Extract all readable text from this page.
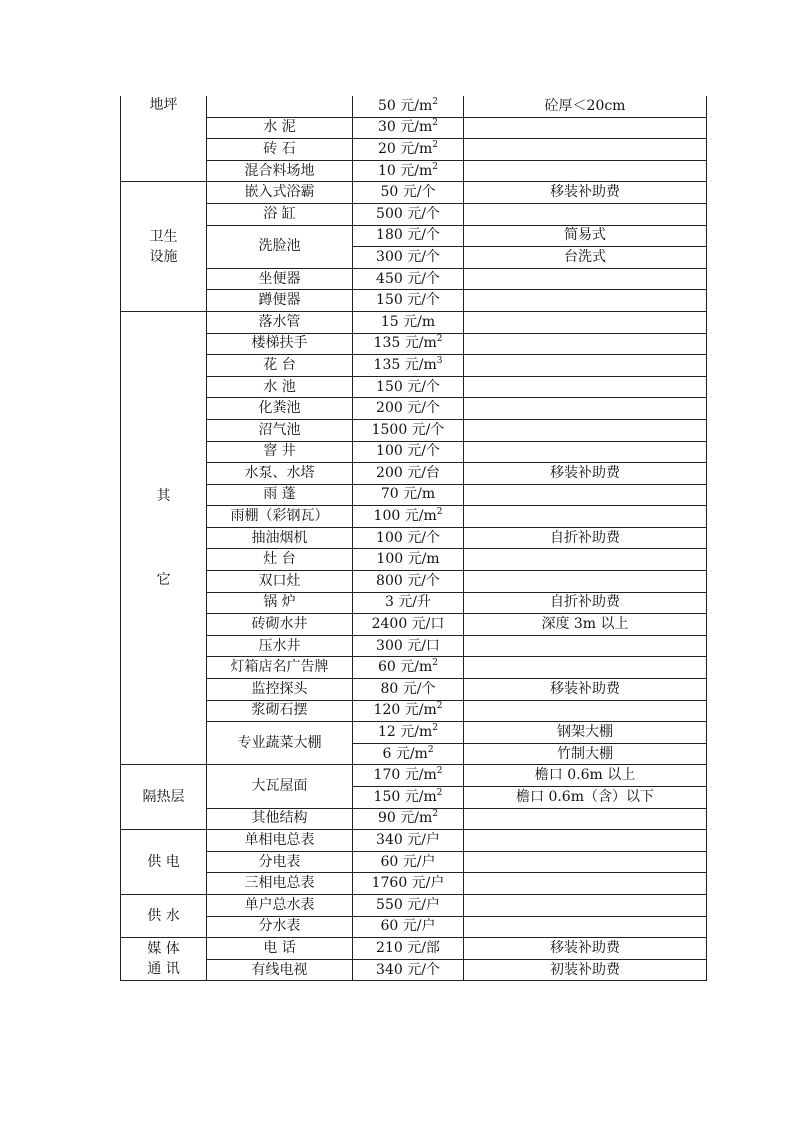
地坪		50 元$/m^2$	砼厚＜20cm
	水 泥	30 元$/m^2$	
	砖 石	20 元$/m^2$	
	混合料场地	10 元$/m^2$	

卫生
设施	嵌入式浴霸	50 元/个	移装补助费
	浴 缸	500 元/个	
	洗脸池	180 元/个	简易式
		300 元/个	台洗式
	坐便器	450 元/个	
	蹲便器	150 元/个	

其
它	落水管	15 元/m	
	楼梯扶手	135 元$/m^2$	
	花 台	135 元$/m^3$	
	水 池	150 元/个	
	化粪池	200 元/个	
	沼气池	1500 元/个	
	窨 井	100 元/个	
	水泵、水塔	200 元/台	移装补助费
	雨 蓬	70 元/m	
	雨棚（彩钢瓦）	100 元$/m^2$	
	抽油烟机	100 元/个	自折补助费
	灶 台	100 元/m	
	双口灶	800 元/个	
	锅 炉	3 元/升	自折补助费
	砖砌水井	2400 元/口	深度 3m 以上
	压水井	300 元/口	
	灯箱店名广告牌	60 元$/m^2$	
	监控探头	80 元/个	移装补助费
	浆砌石摆	120 元$/m^2$	
	专业蔬菜大棚	12 元$/m^2$	钢架大棚
		6 元$/m^2$	竹制大棚

隔热层	大瓦屋面	170 元$/m^2$	檐口 0.6m 以上
		150 元$/m^2$	檐口 0.6m（含）以下
	其他结构	90 元$/m^2$	

供 电	单相电总表	340 元/户	
	分电表	60 元/户	
	三相电总表	1760 元/户	

供 水	单户总水表	550 元/户	
	分水表	60 元/户	

媒 体
通 讯	电 话	210 元/部	移装补助费
	有线电视	340 元/个	初装补助费
